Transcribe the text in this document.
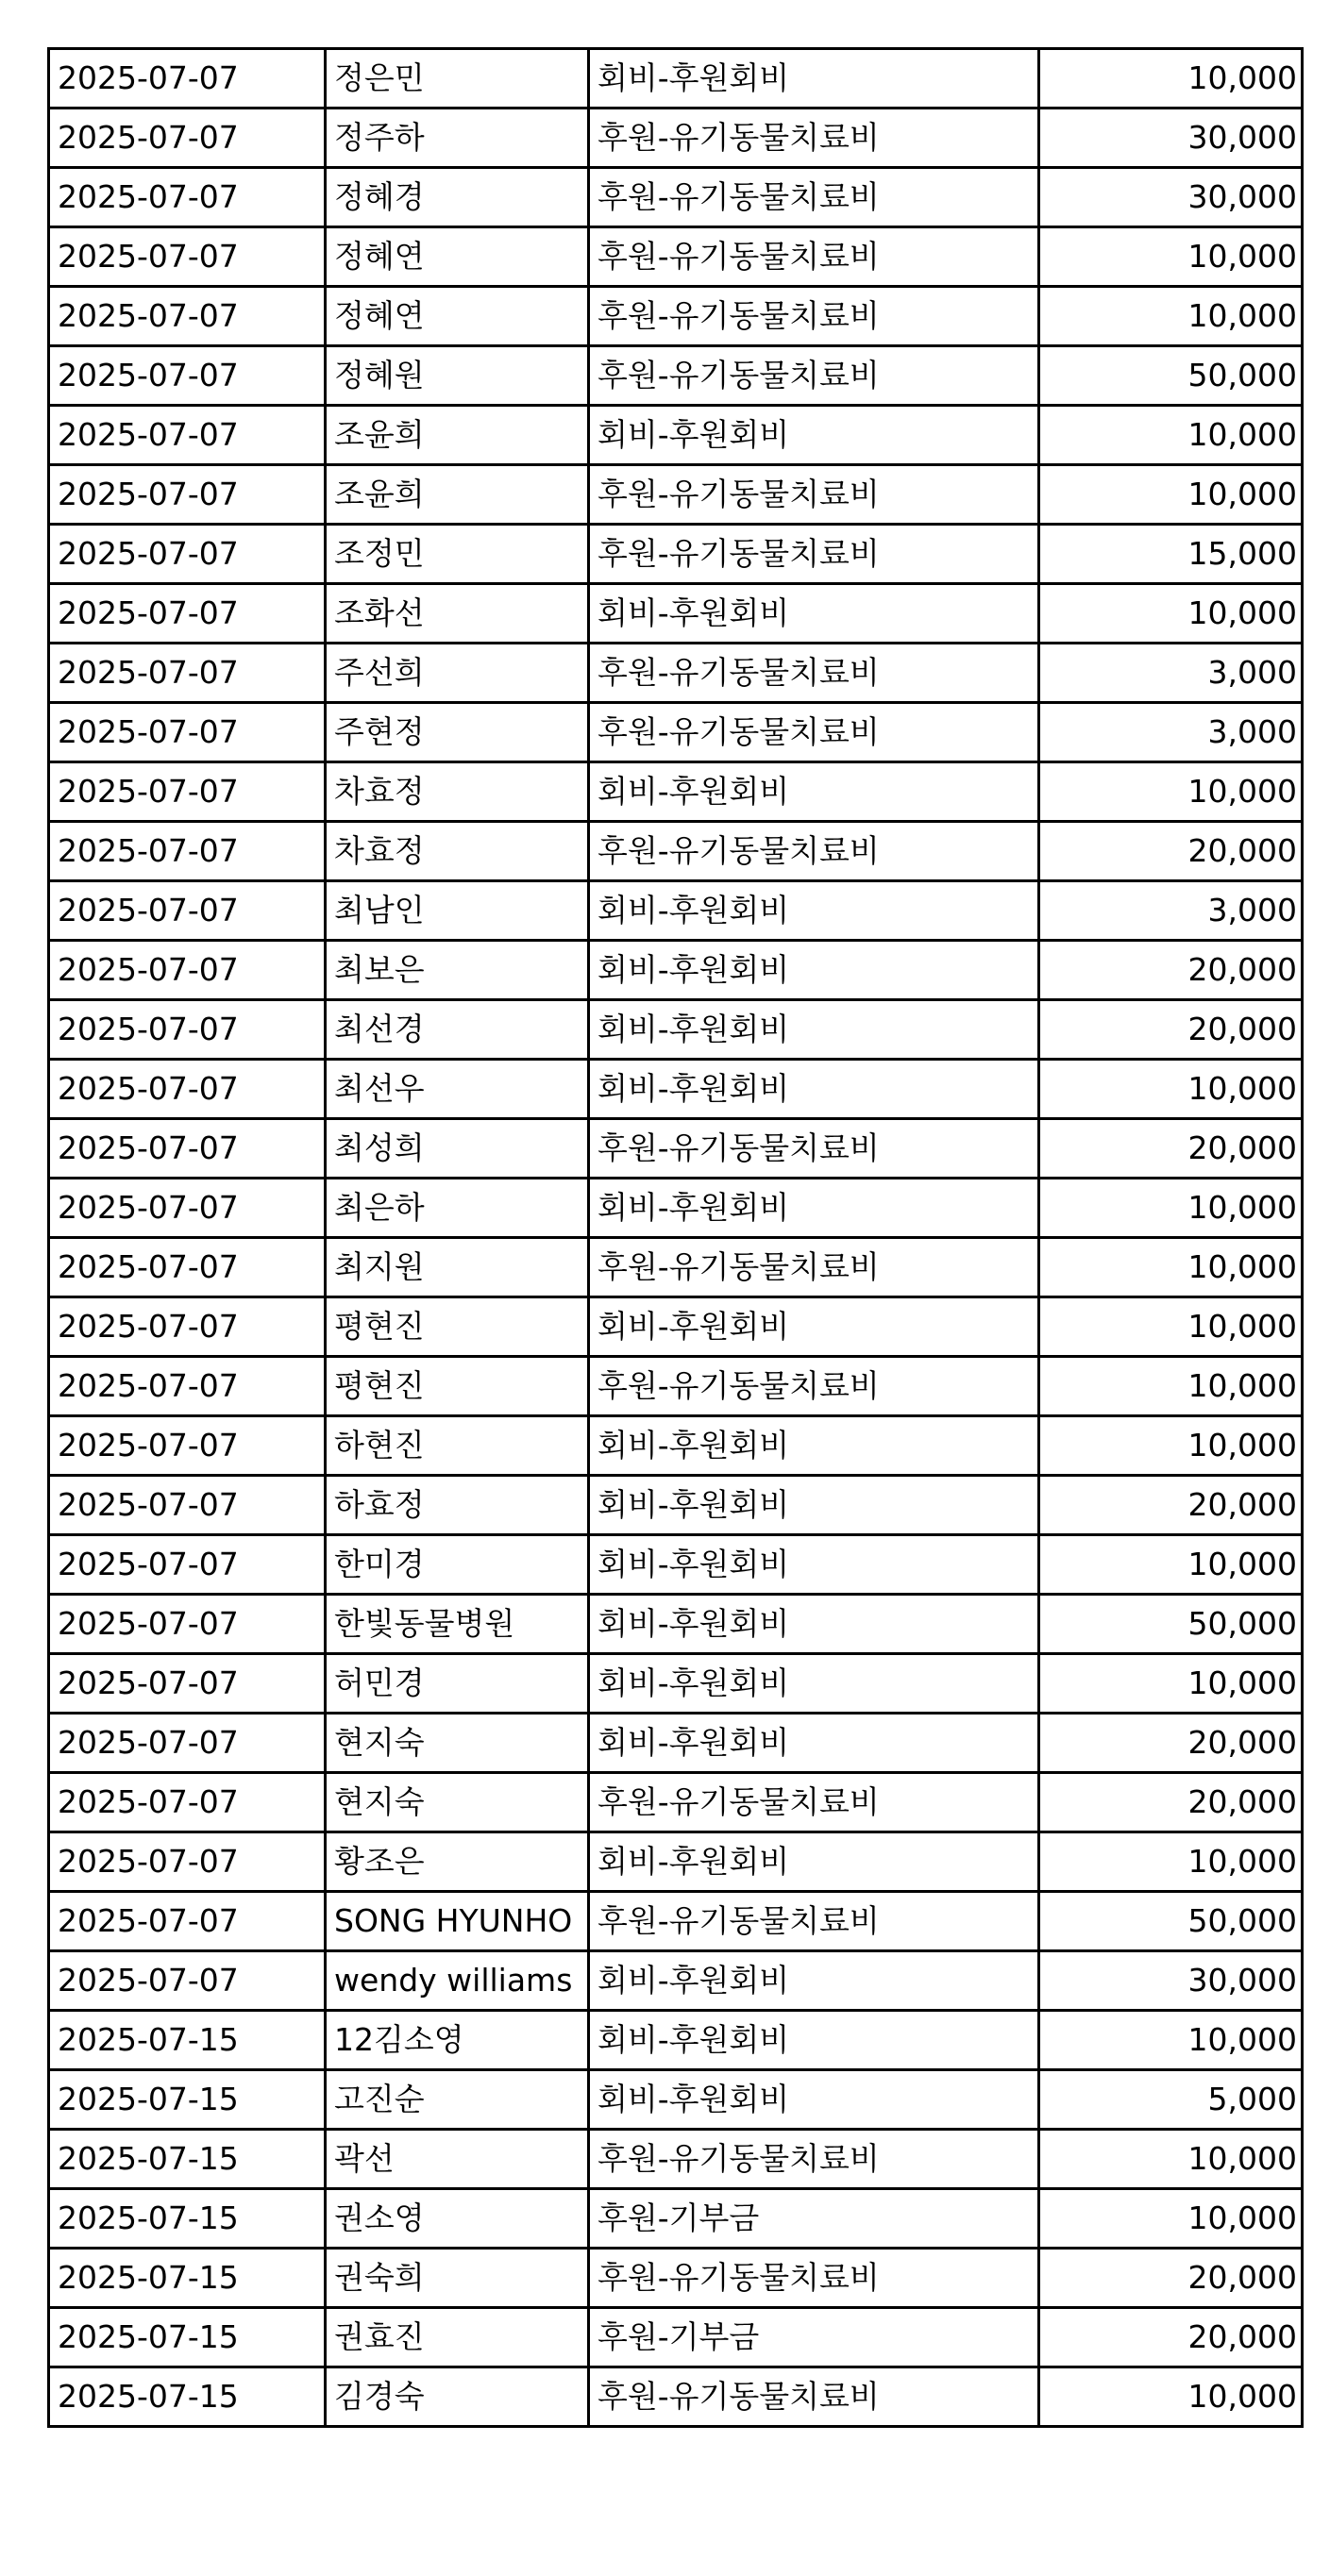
2025-07-07	정은민	회비-후원회비	10,000
2025-07-07	정주하	후원-유기동물치료비	30,000
2025-07-07	정혜경	후원-유기동물치료비	30,000
2025-07-07	정혜연	후원-유기동물치료비	10,000
2025-07-07	정혜연	후원-유기동물치료비	10,000
2025-07-07	정혜원	후원-유기동물치료비	50,000
2025-07-07	조윤희	회비-후원회비	10,000
2025-07-07	조윤희	후원-유기동물치료비	10,000
2025-07-07	조정민	후원-유기동물치료비	15,000
2025-07-07	조화선	회비-후원회비	10,000
2025-07-07	주선희	후원-유기동물치료비	3,000
2025-07-07	주현정	후원-유기동물치료비	3,000
2025-07-07	차효정	회비-후원회비	10,000
2025-07-07	차효정	후원-유기동물치료비	20,000
2025-07-07	최남인	회비-후원회비	3,000
2025-07-07	최보은	회비-후원회비	20,000
2025-07-07	최선경	회비-후원회비	20,000
2025-07-07	최선우	회비-후원회비	10,000
2025-07-07	최성희	후원-유기동물치료비	20,000
2025-07-07	최은하	회비-후원회비	10,000
2025-07-07	최지원	후원-유기동물치료비	10,000
2025-07-07	평현진	회비-후원회비	10,000
2025-07-07	평현진	후원-유기동물치료비	10,000
2025-07-07	하현진	회비-후원회비	10,000
2025-07-07	하효정	회비-후원회비	20,000
2025-07-07	한미경	회비-후원회비	10,000
2025-07-07	한빛동물병원	회비-후원회비	50,000
2025-07-07	허민경	회비-후원회비	10,000
2025-07-07	현지숙	회비-후원회비	20,000
2025-07-07	현지숙	후원-유기동물치료비	20,000
2025-07-07	황조은	회비-후원회비	10,000
2025-07-07	SONG HYUNHO	후원-유기동물치료비	50,000
2025-07-07	wendy williams	회비-후원회비	30,000
2025-07-15	12김소영	회비-후원회비	10,000
2025-07-15	고진순	회비-후원회비	5,000
2025-07-15	곽선	후원-유기동물치료비	10,000
2025-07-15	권소영	후원-기부금	10,000
2025-07-15	권숙희	후원-유기동물치료비	20,000
2025-07-15	권효진	후원-기부금	20,000
2025-07-15	김경숙	후원-유기동물치료비	10,000
